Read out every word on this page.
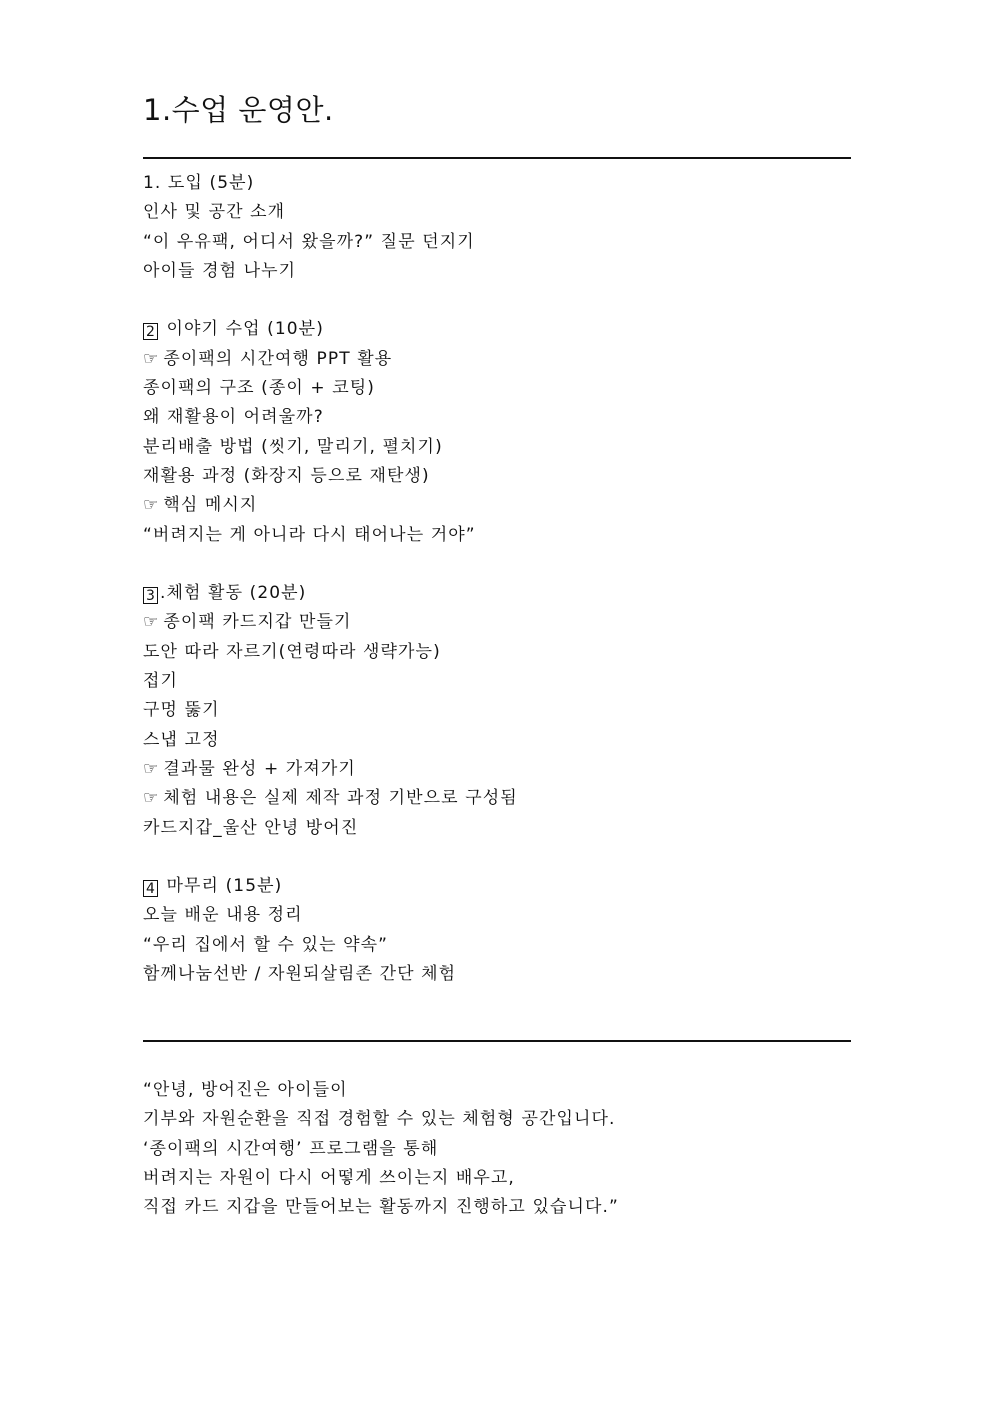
1.수업 운영안.
1. 도입 (5분)
인사 및 공간 소개
“이 우유팩, 어디서 왔을까?” 질문 던지기
아이들 경험 나누기
2 이야기 수업 (10분)
☞ 종이팩의 시간여행 PPT 활용
종이팩의 구조 (종이 + 코팅)
왜 재활용이 어려울까?
분리배출 방법 (씻기, 말리기, 펼치기)
재활용 과정 (화장지 등으로 재탄생)
☞ 핵심 메시지
“버려지는 게 아니라 다시 태어나는 거야”
3 .체험 활동 (20분)
☞ 종이팩 카드지갑 만들기
도안 따라 자르기(연령따라 생략가능)
접기
구멍 뚫기
스냅 고정
☞ 결과물 완성 + 가져가기
☞ 체험 내용은 실제 제작 과정 기반으로 구성됨
카드지갑_울산 안녕 방어진
4 마무리 (15분)
오늘 배운 내용 정리
“우리 집에서 할 수 있는 약속”
함께나눔선반 / 자원되살림존 간단 체험
“안녕, 방어진은 아이들이
기부와 자원순환을 직접 경험할 수 있는 체험형 공간입니다.
‘종이팩의 시간여행’ 프로그램을 통해
버려지는 자원이 다시 어떻게 쓰이는지 배우고,
직접 카드 지갑을 만들어보는 활동까지 진행하고 있습니다.”
